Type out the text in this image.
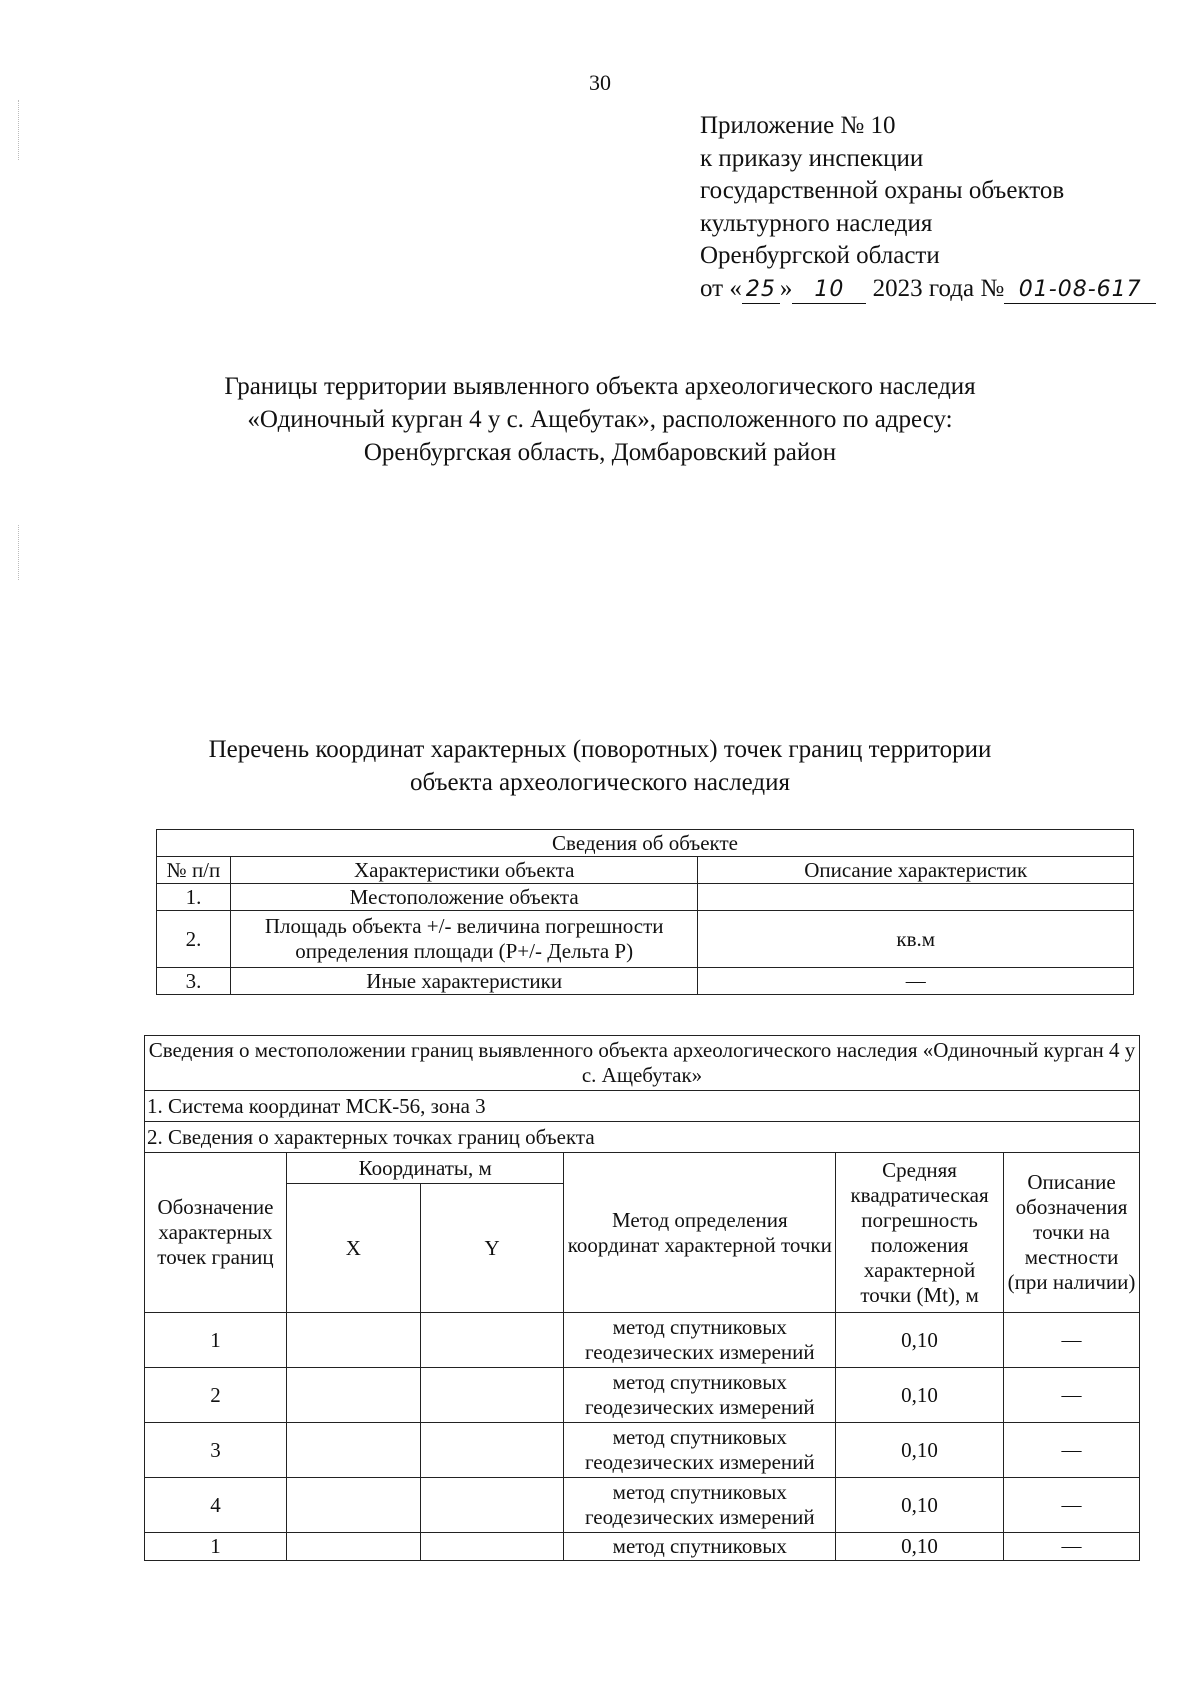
30
Приложение № 10
к приказу инспекции
государственной охраны объектов
культурного наследия
Оренбургской области
от « 25 » 10 2023 года № 01-08-617
Границы территории выявленного объекта археологического наследия
«Одиночный курган 4 у с. Ащебутак», расположенного по адресу:
Оренбургская область, Домбаровский район
Перечень координат характерных (поворотных) точек границ территории
объекта археологического наследия
Сведения об объекте		
№ п/п	Характеристики объекта	Описание характеристик
1.	Местоположение объекта	
2.	Площадь объекта +/- величина погрешности определения площади (Р+/- Дельта Р)	кв.м
3.	Иные характеристики	—
Сведения о местоположении границ выявленного объекта археологического наследия «Одиночный курган 4 у с. Ащебутак»					
1. Система координат МСК-56, зона 3					
2. Сведения о характерных точках границ объекта					
Обозначение характерных точек границ	Координаты, м		Метод определения координат характерной точки	Средняя квадратическая погрешность положения характерной точки (Mt), м	Описание обозначения точки на местности (при наличии)
	X	Y			
1			метод спутниковых геодезических измерений	0,10	—
2			метод спутниковых геодезических измерений	0,10	—
3			метод спутниковых геодезических измерений	0,10	—
4			метод спутниковых геодезических измерений	0,10	—
1			метод спутниковых	0,10	—
